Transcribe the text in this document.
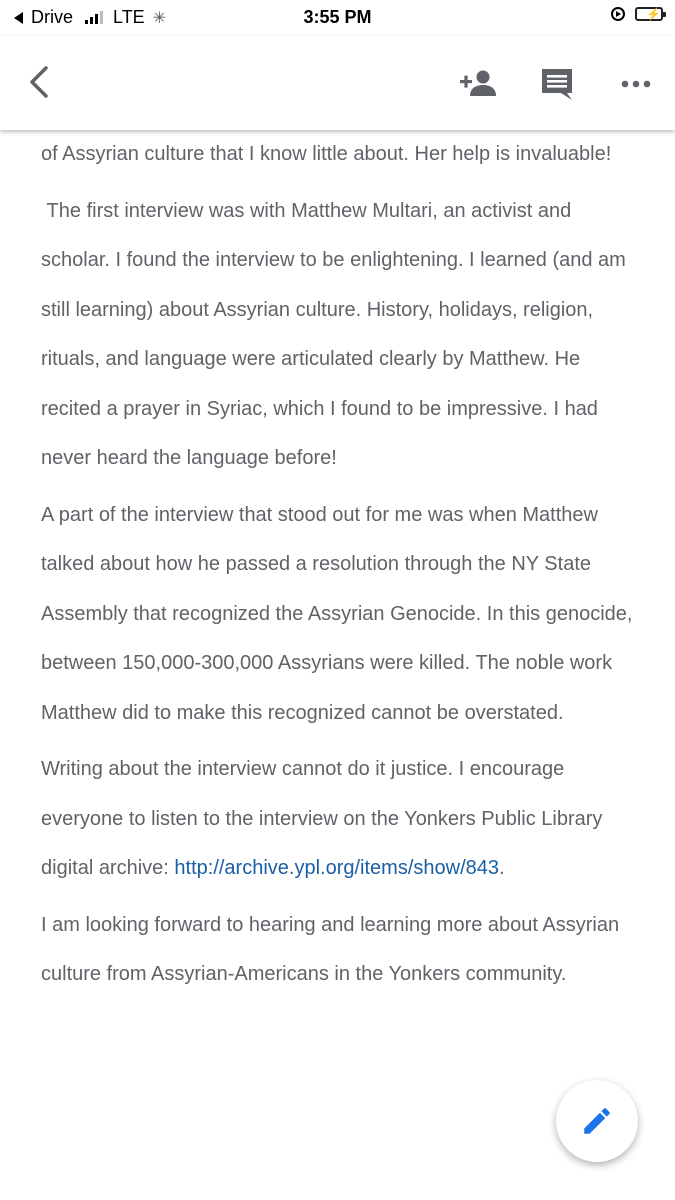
Drive LTE ✳	3:55 PM	⚡

of Assyrian culture that I know little about. Her help is invaluable!

The first interview was with Matthew Multari, an activist and scholar. I found the interview to be enlightening. I learned (and am still learning) about Assyrian culture. History, holidays, religion, rituals, and language were articulated clearly by Matthew. He recited a prayer in Syriac, which I found to be impressive. I had never heard the language before!

A part of the interview that stood out for me was when Matthew talked about how he passed a resolution through the NY State Assembly that recognized the Assyrian Genocide. In this genocide, between 150,000-300,000 Assyrians were killed. The noble work Matthew did to make this recognized cannot be overstated.

Writing about the interview cannot do it justice. I encourage everyone to listen to the interview on the Yonkers Public Library digital archive: http://archive.ypl.org/items/show/843.

I am looking forward to hearing and learning more about Assyrian culture from Assyrian-Americans in the Yonkers community.
